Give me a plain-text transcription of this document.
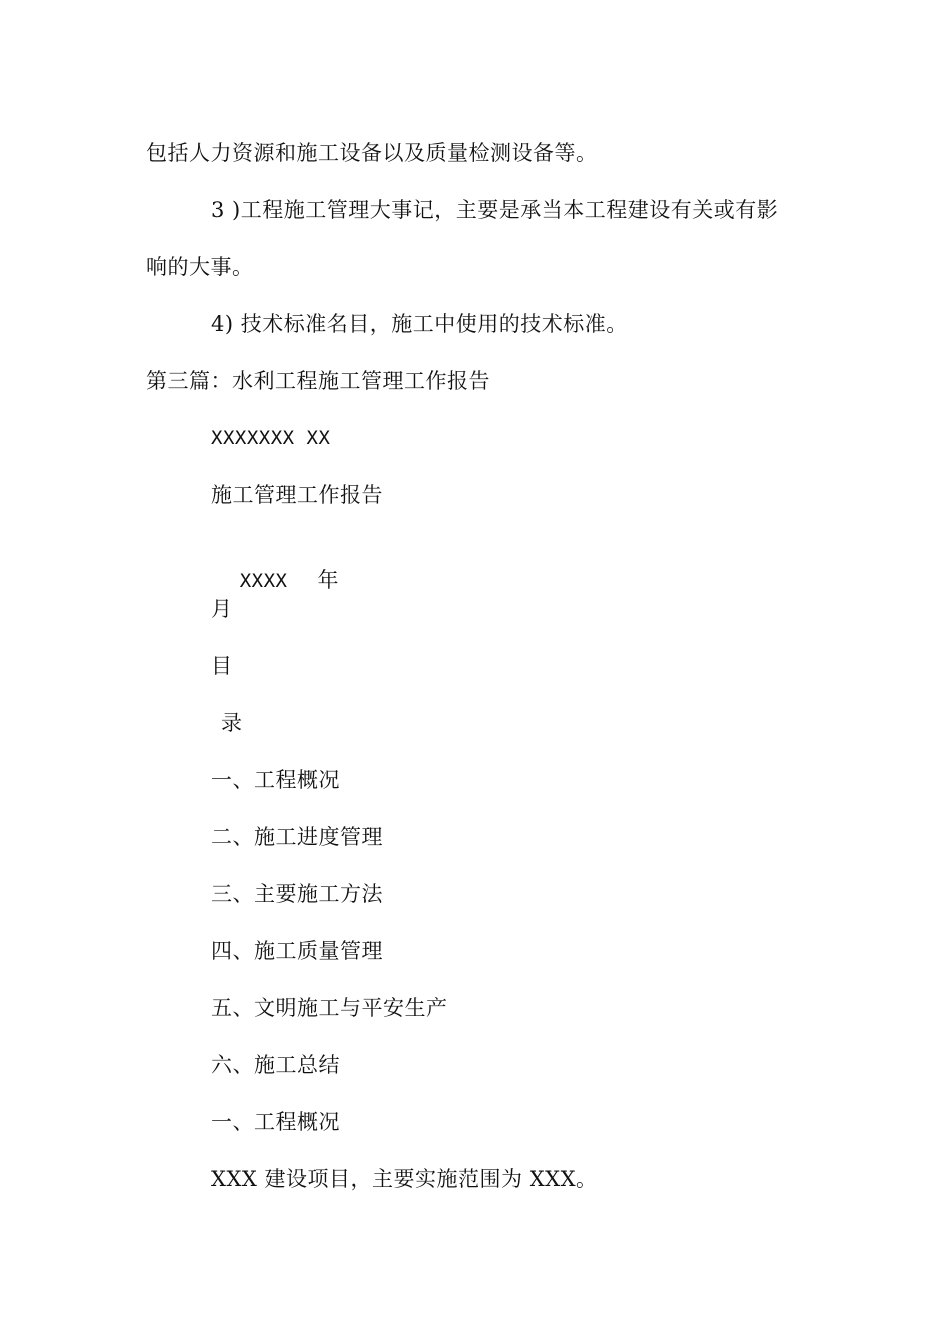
包括人力资源和施工设备以及质量检测设备等。
3 )工程施工管理大事记，主要是承当本工程建设有关或有影
响的大事。
4) 技术标准名目，施工中使用的技术标准。
第三篇：水利工程施工管理工作报告
XXXXXXX XX
施工管理工作报告

XXXX 年

月
目
录
一、工程概况
二、施工进度管理
三、主要施工方法
四、施工质量管理
五、文明施工与平安生产
六、施工总结
一、工程概况
XXX 建设项目，主要实施范围为 XXX。
